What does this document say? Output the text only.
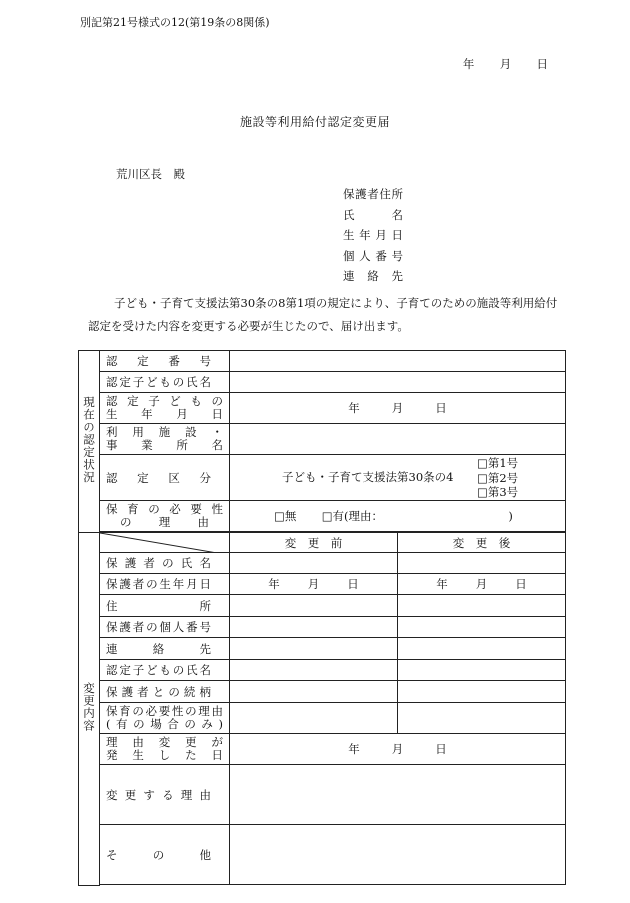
別記第21号様式の12(第19条の8関係)
年 月 日
施設等利用給付認定変更届
荒川区長　殿
保護者住所
氏　　名
生年月日
個人番号
連　絡　先

子ども・子育て支援法第30条の8第1項の規定により、子育てのための施設等利用給付

認定を受けた内容を変更する必要が生じたので、届け出ます。

現在の認定状況	認定番号		
	認定子どもの氏名		

	認定子どもの
生年月日	年 月 日	

	利用施設・
事業所名		

	認定区分	子ども・子育て支援法第30条の4
□第1号
□第2号
□第3号	

	保育の必要性
の理由	□無 □有(理由： )	

変更内容		変　更　前	変　更　後
	保護者の氏名		
	保護者の生年月日	年 月 日	年 月 日
	住所		
	保護者の個人番号		
	連絡先		
	認定子どもの氏名		
	保護者との続柄		

	保育の必要性の理由
(有の場合のみ)		

	理由変更が
発生した日	年 月 日	
	変更する理由		
	その他		
